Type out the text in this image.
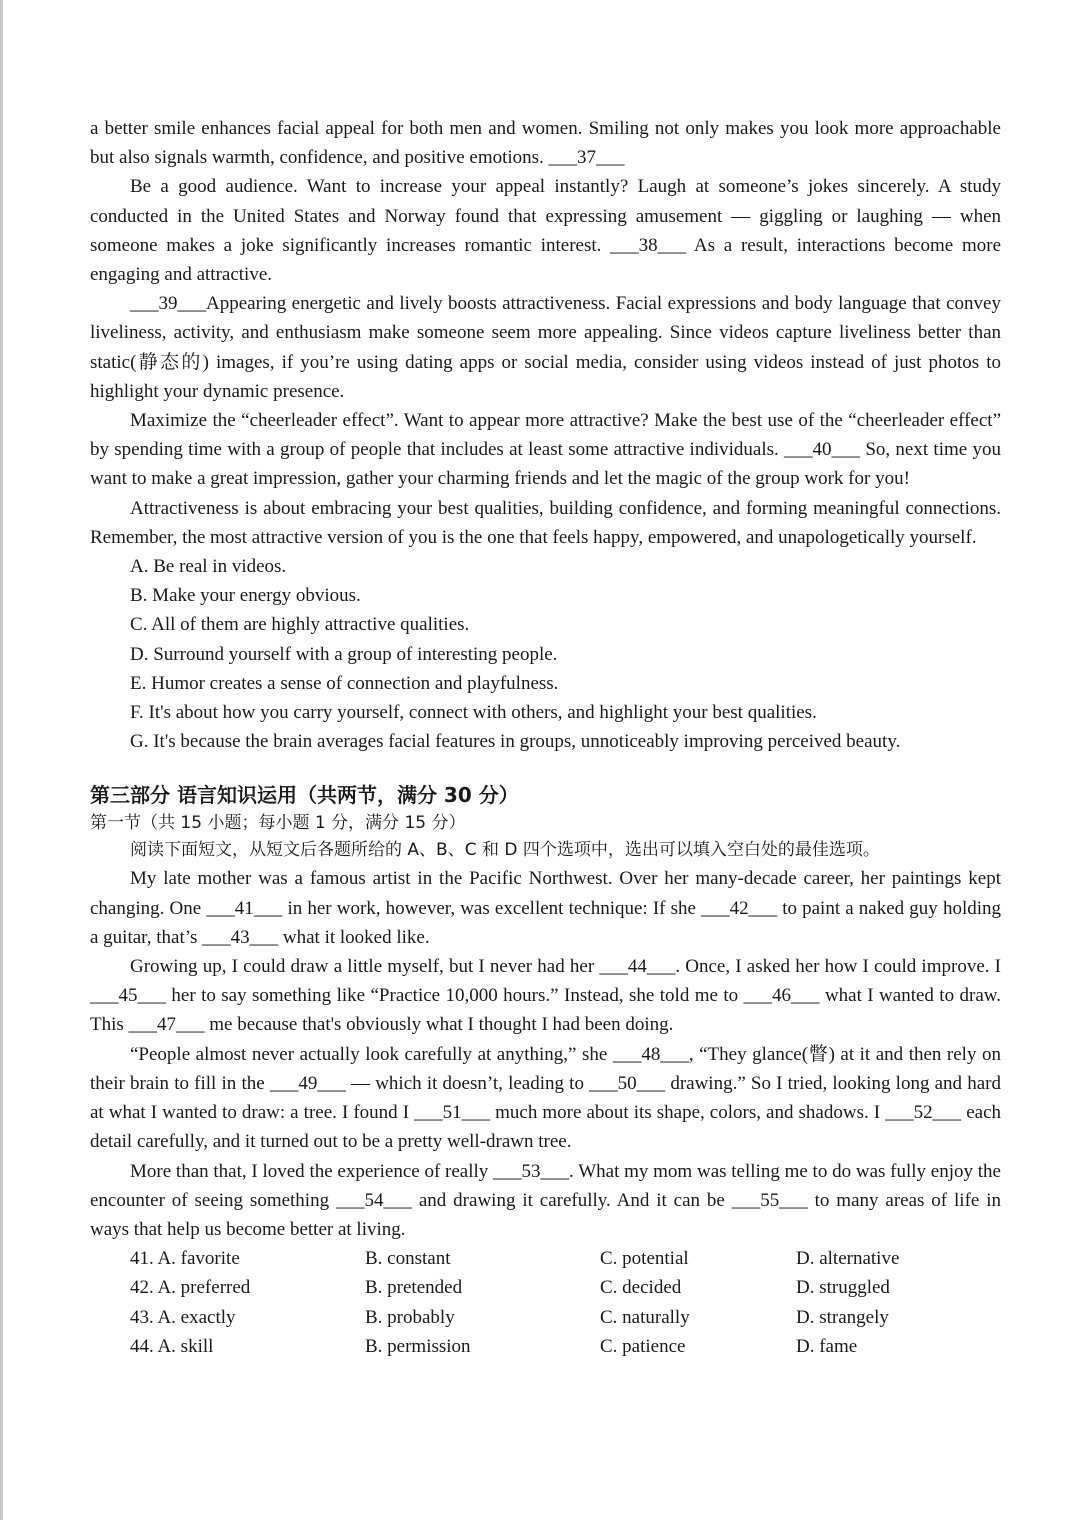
a better smile enhances facial appeal for both men and women. Smiling not only makes you look more approachable but also signals warmth, confidence, and positive emotions. ___37___

Be a good audience. Want to increase your appeal instantly? Laugh at someone’s jokes sincerely. A study conducted in the United States and Norway found that expressing amusement — giggling or laughing — when someone makes a joke significantly increases romantic interest. ___38___ As a result, interactions become more engaging and attractive.

___39___Appearing energetic and lively boosts attractiveness. Facial expressions and body language that convey liveliness, activity, and enthusiasm make someone seem more appealing. Since videos capture liveliness better than static(静态的) images, if you’re using dating apps or social media, consider using videos instead of just photos to highlight your dynamic presence.

Maximize the “cheerleader effect”. Want to appear more attractive? Make the best use of the “cheerleader effect” by spending time with a group of people that includes at least some attractive individuals. ___40___ So, next time you want to make a great impression, gather your charming friends and let the magic of the group work for you!

Attractiveness is about embracing your best qualities, building confidence, and forming meaningful connections. Remember, the most attractive version of you is the one that feels happy, empowered, and unapologetically yourself.

A. Be real in videos.

B. Make your energy obvious.

C. All of them are highly attractive qualities.

D. Surround yourself with a group of interesting people.

E. Humor creates a sense of connection and playfulness.

F. It's about how you carry yourself, connect with others, and highlight your best qualities.

G. It's because the brain averages facial features in groups, unnoticeably improving perceived beauty.

第三部分 语言知识运用（共两节，满分 30 分）
第一节（共 15 小题；每小题 1 分，满分 15 分）
阅读下面短文，从短文后各题所给的 A、B、C 和 D 四个选项中，选出可以填入空白处的最佳选项。

My late mother was a famous artist in the Pacific Northwest. Over her many-decade career, her paintings kept changing. One ___41___ in her work, however, was excellent technique: If she ___42___ to paint a naked guy holding a guitar, that’s ___43___ what it looked like.

Growing up, I could draw a little myself, but I never had her ___44___. Once, I asked her how I could improve. I ___45___ her to say something like “Practice 10,000 hours.” Instead, she told me to ___46___ what I wanted to draw. This ___47___ me because that's obviously what I thought I had been doing.

“People almost never actually look carefully at anything,” she ___48___, “They glance(瞥) at it and then rely on their brain to fill in the ___49___ — which it doesn’t, leading to ___50___ drawing.” So I tried, looking long and hard at what I wanted to draw: a tree. I found I ___51___ much more about its shape, colors, and shadows. I ___52___ each detail carefully, and it turned out to be a pretty well-drawn tree.

More than that, I loved the experience of really ___53___. What my mom was telling me to do was fully enjoy the encounter of seeing something ___54___ and drawing it carefully. And it can be ___55___ to many areas of life in ways that help us become better at living.

41. A. favorite	B. constant	C. potential	D. alternative
42. A. preferred	B. pretended	C. decided	D. struggled
43. A. exactly	B. probably	C. naturally	D. strangely
44. A. skill	B. permission	C. patience	D. fame
